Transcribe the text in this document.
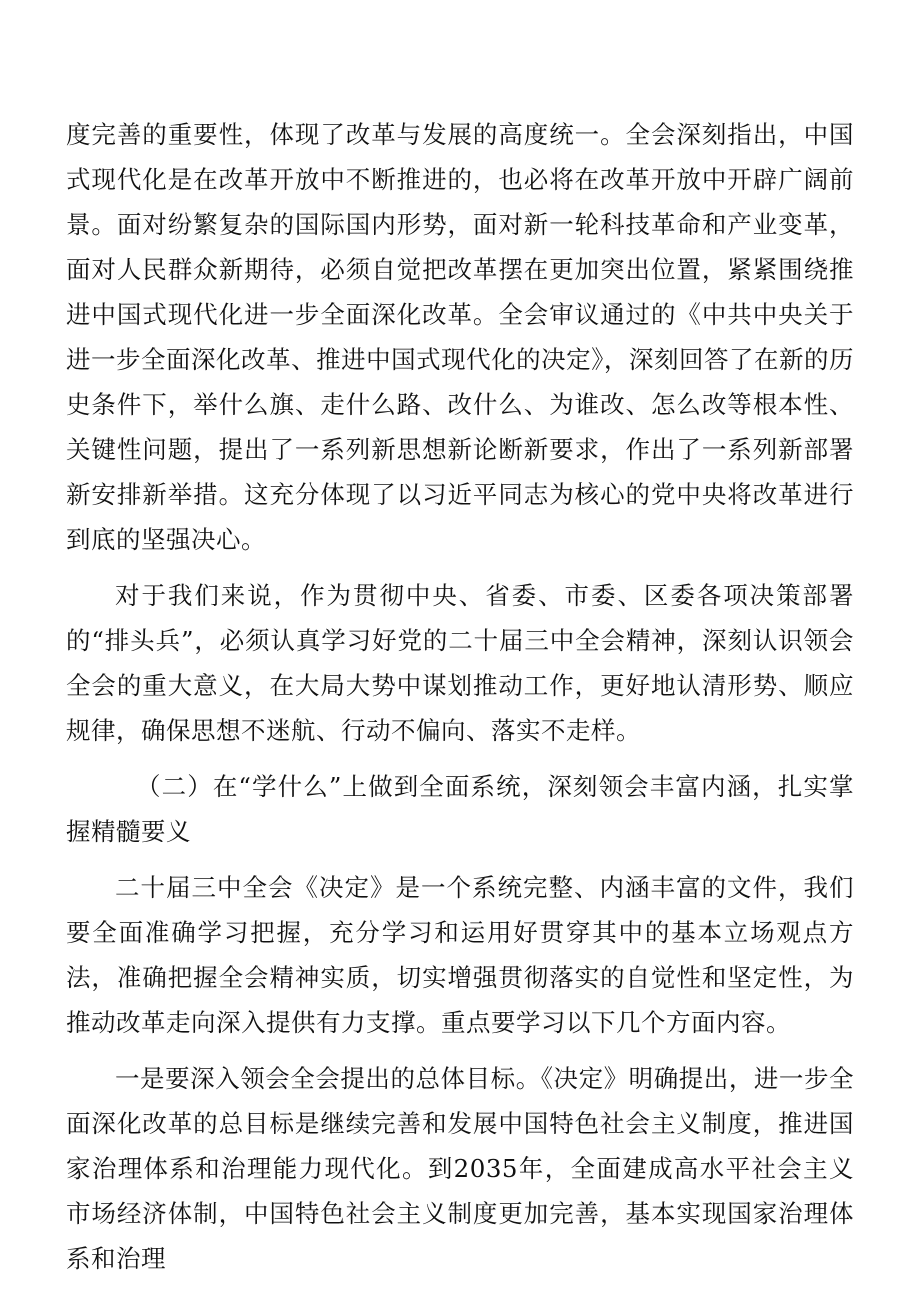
度完善的重要性，体现了改革与发展的高度统一。全会深刻指出，中国式现代化是在改革开放中不断推进的，也必将在改革开放中开辟广阔前景。面对纷繁复杂的国际国内形势，面对新一轮科技革命和产业变革，面对人民群众新期待，必须自觉把改革摆在更加突出位置，紧紧围绕推进中国式现代化进一步全面深化改革。全会审议通过的《中共中央关于进一步全面深化改革、推进中国式现代化的决定》，深刻回答了在新的历史条件下，举什么旗、走什么路、改什么、为谁改、怎么改等根本性、关键性问题，提出了一系列新思想新论断新要求，作出了一系列新部署新安排新举措。这充分体现了以习近平同志为核心的党中央将改革进行到底的坚强决心。

对于我们来说，作为贯彻中央、省委、市委、区委各项决策部署的“排头兵”，必须认真学习好党的二十届三中全会精神，深刻认识领会全会的重大意义，在大局大势中谋划推动工作，更好地认清形势、顺应规律，确保思想不迷航、行动不偏向、落实不走样。

（二）在“学什么”上做到全面系统，深刻领会丰富内涵，扎实掌握精髓要义

二十届三中全会《决定》是一个系统完整、内涵丰富的文件，我们要全面准确学习把握，充分学习和运用好贯穿其中的基本立场观点方法，准确把握全会精神实质，切实增强贯彻落实的自觉性和坚定性，为推动改革走向深入提供有力支撑。重点要学习以下几个方面内容。

一是要深入领会全会提出的总体目标。《决定》明确提出，进一步全面深化改革的总目标是继续完善和发展中国特色社会主义制度，推进国家治理体系和治理能力现代化。到2035年，全面建成高水平社会主义市场经济体制，中国特色社会主义制度更加完善，基本实现国家治理体系和治理
